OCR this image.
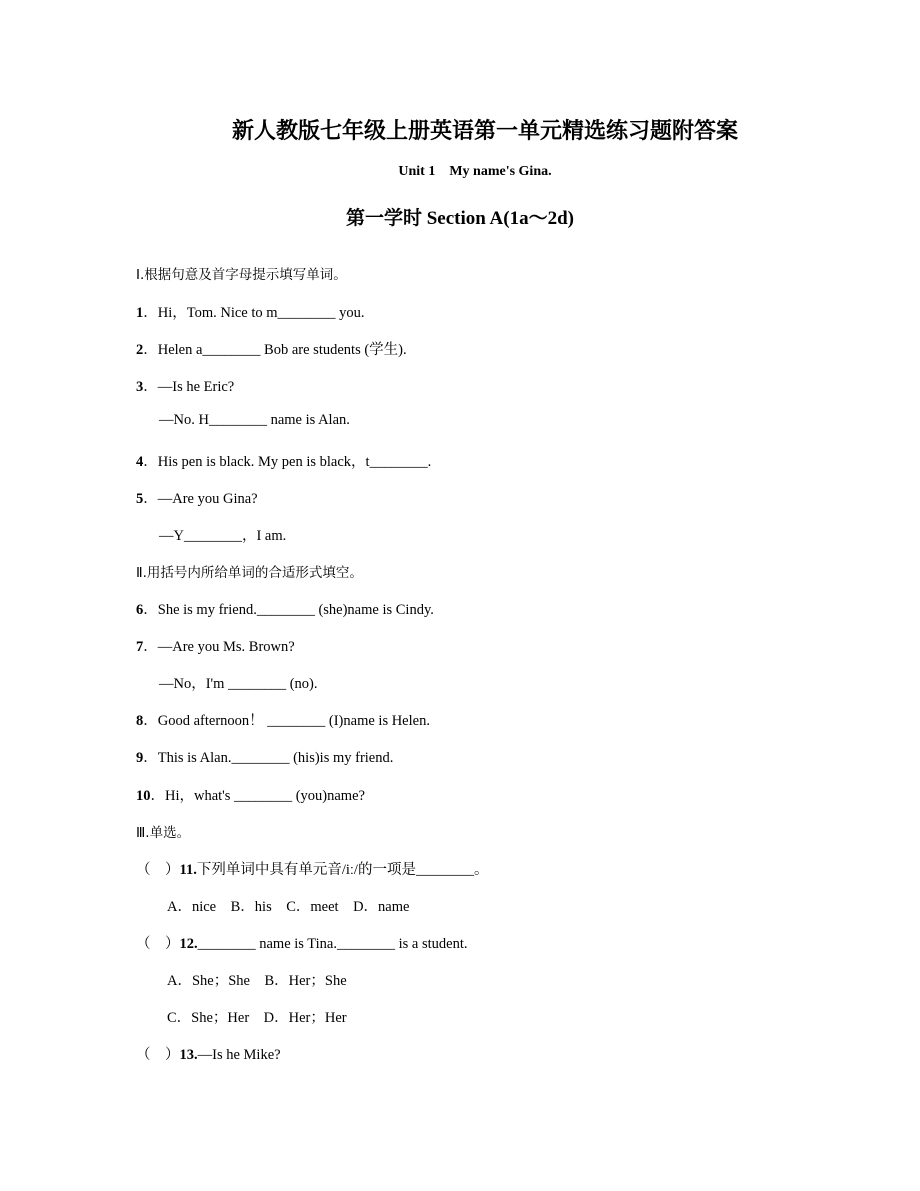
新人教版七年级上册英语第一单元精选练习题附答案
Unit 1    My name's Gina.
第一学时 Section A(1a～2d)
Ⅰ.根据句意及首字母提示填写单词。
1．Hi，Tom. Nice to m________ you.
2．Helen a________ Bob are students (学生).
3．—Is he Eric?
—No. H________ name is Alan.
4．His pen is black. My pen is black，t________.
5．—Are you Gina?
—Y________，I am.
Ⅱ.用括号内所给单词的合适形式填空。
6．She is my friend.________ (she)name is Cindy.
7．—Are you Ms. Brown?
—No，I'm ________ (no).
8．Good afternoon！ ________ (I)name is Helen.
9．This is Alan.________ (his)is my friend.
10．Hi，what's ________ (you)name?
Ⅲ.单选。
（    ）11.下列单词中具有单元音/iː/的一项是________。
A．nice    B．his    C．meet    D．name
（    ）12.________ name is Tina.________ is a student.
A．She；She    B．Her；She
C．She；Her    D．Her；Her
（    ）13.—Is he Mike?
